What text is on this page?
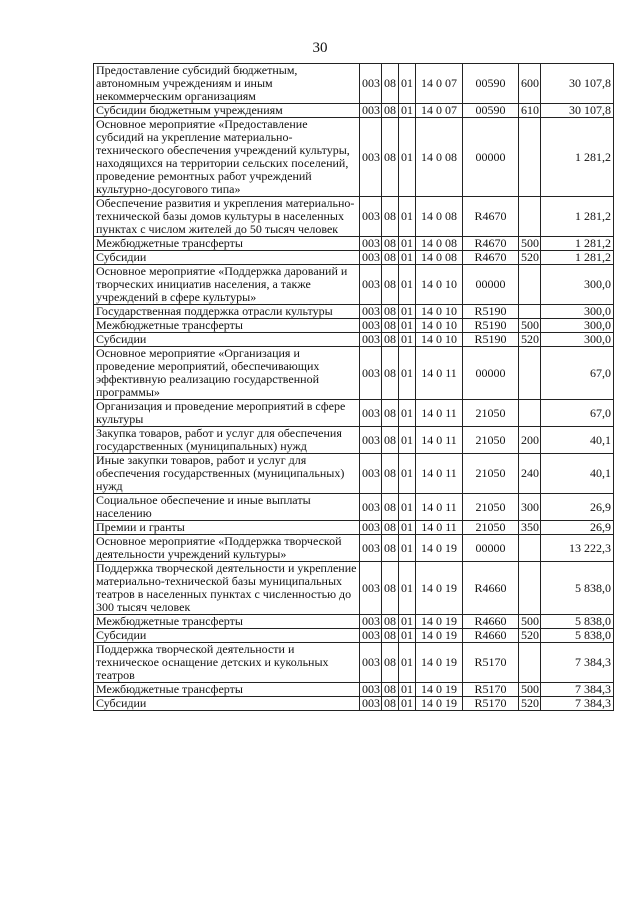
30
Предоставление субсидий бюджетным, автономным учреждениям и иным некоммерческим организациям	003	08	01	14 0 07	00590	600	30 107,8
Субсидии бюджетным учреждениям	003	08	01	14 0 07	00590	610	30 107,8
Основное мероприятие «Предоставление субсидий на укрепление материально-технического обеспечения учреждений культуры, находящихся на территории сельских поселений, проведение ремонтных работ учреждений культурно-досугового типа»	003	08	01	14 0 08	00000		1 281,2
Обеспечение развития и укрепления материально-технической базы домов культуры в населенных пунктах с числом жителей до 50 тысяч человек	003	08	01	14 0 08	R4670		1 281,2
Межбюджетные трансферты	003	08	01	14 0 08	R4670	500	1 281,2
Субсидии	003	08	01	14 0 08	R4670	520	1 281,2
Основное мероприятие «Поддержка дарований и творческих инициатив населения, а также учреждений в сфере культуры»	003	08	01	14 0 10	00000		300,0
Государственная поддержка отрасли культуры	003	08	01	14 0 10	R5190		300,0
Межбюджетные трансферты	003	08	01	14 0 10	R5190	500	300,0
Субсидии	003	08	01	14 0 10	R5190	520	300,0
Основное мероприятие «Организация и проведение мероприятий, обеспечивающих эффективную реализацию государственной программы»	003	08	01	14 0 11	00000		67,0
Организация и проведение мероприятий в сфере культуры	003	08	01	14 0 11	21050		67,0
Закупка товаров, работ и услуг для обеспечения государственных (муниципальных) нужд	003	08	01	14 0 11	21050	200	40,1
Иные закупки товаров, работ и услуг для обеспечения государственных (муниципальных) нужд	003	08	01	14 0 11	21050	240	40,1
Социальное обеспечение и иные выплаты населению	003	08	01	14 0 11	21050	300	26,9
Премии и гранты	003	08	01	14 0 11	21050	350	26,9
Основное мероприятие «Поддержка творческой деятельности учреждений культуры»	003	08	01	14 0 19	00000		13 222,3
Поддержка творческой деятельности и укрепление материально-технической базы муниципальных театров в населенных пунктах с численностью до 300 тысяч человек	003	08	01	14 0 19	R4660		5 838,0
Межбюджетные трансферты	003	08	01	14 0 19	R4660	500	5 838,0
Субсидии	003	08	01	14 0 19	R4660	520	5 838,0
Поддержка творческой деятельности и техническое оснащение детских и кукольных театров	003	08	01	14 0 19	R5170		7 384,3
Межбюджетные трансферты	003	08	01	14 0 19	R5170	500	7 384,3
Субсидии	003	08	01	14 0 19	R5170	520	7 384,3
